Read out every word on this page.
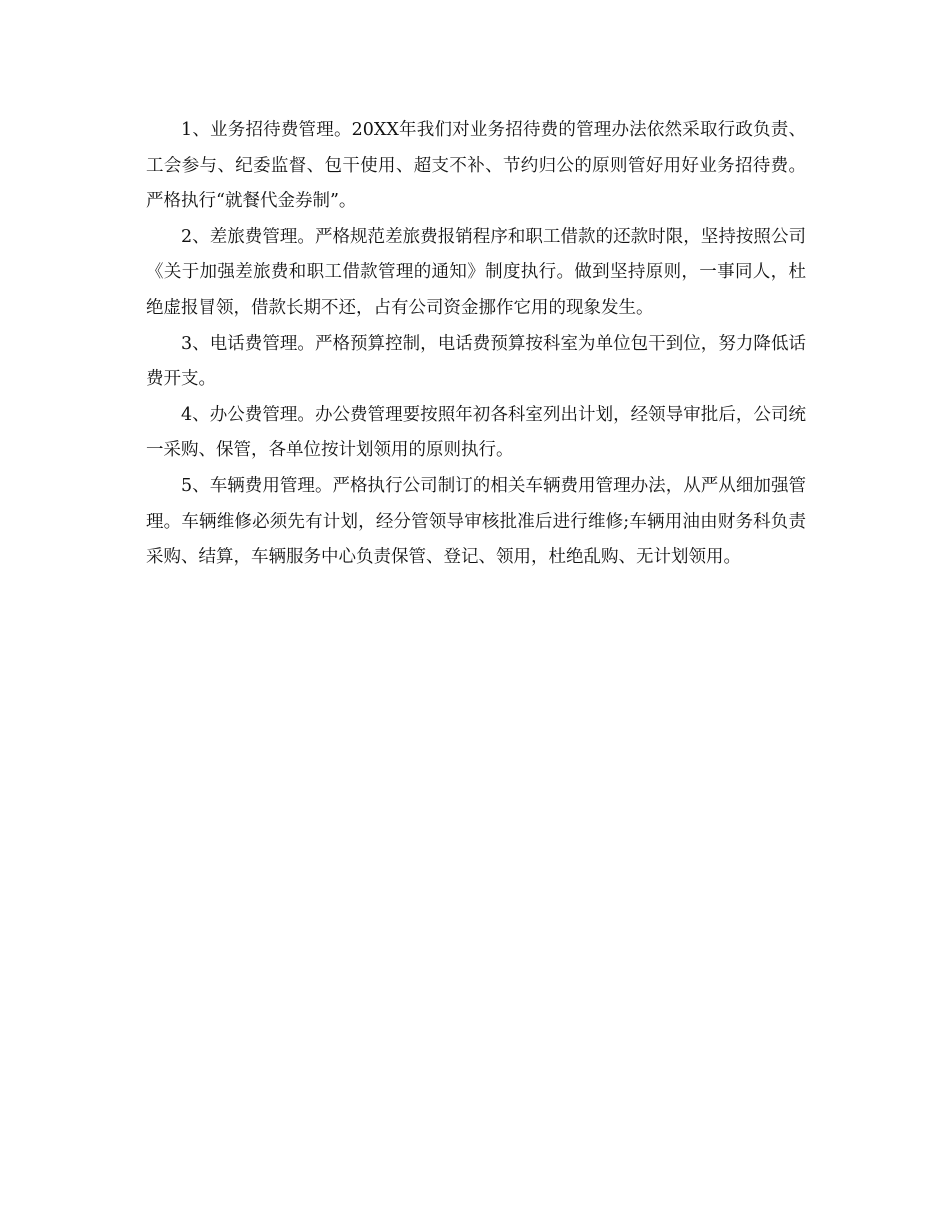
1、业务招待费管理。20XX年我们对业务招待费的管理办法依然采取行政负责、工会参与、纪委监督、包干使用、超支不补、节约归公的原则管好用好业务招待费。严格执行“就餐代金券制”。

2、差旅费管理。严格规范差旅费报销程序和职工借款的还款时限，坚持按照公司《关于加强差旅费和职工借款管理的通知》制度执行。做到坚持原则，一事同人，杜绝虚报冒领，借款长期不还，占有公司资金挪作它用的现象发生。

3、电话费管理。严格预算控制，电话费预算按科室为单位包干到位，努力降低话费开支。

4、办公费管理。办公费管理要按照年初各科室列出计划，经领导审批后，公司统一采购、保管，各单位按计划领用的原则执行。

5、车辆费用管理。严格执行公司制订的相关车辆费用管理办法，从严从细加强管理。车辆维修必须先有计划，经分管领导审核批准后进行维修;车辆用油由财务科负责采购、结算，车辆服务中心负责保管、登记、领用，杜绝乱购、无计划领用。
